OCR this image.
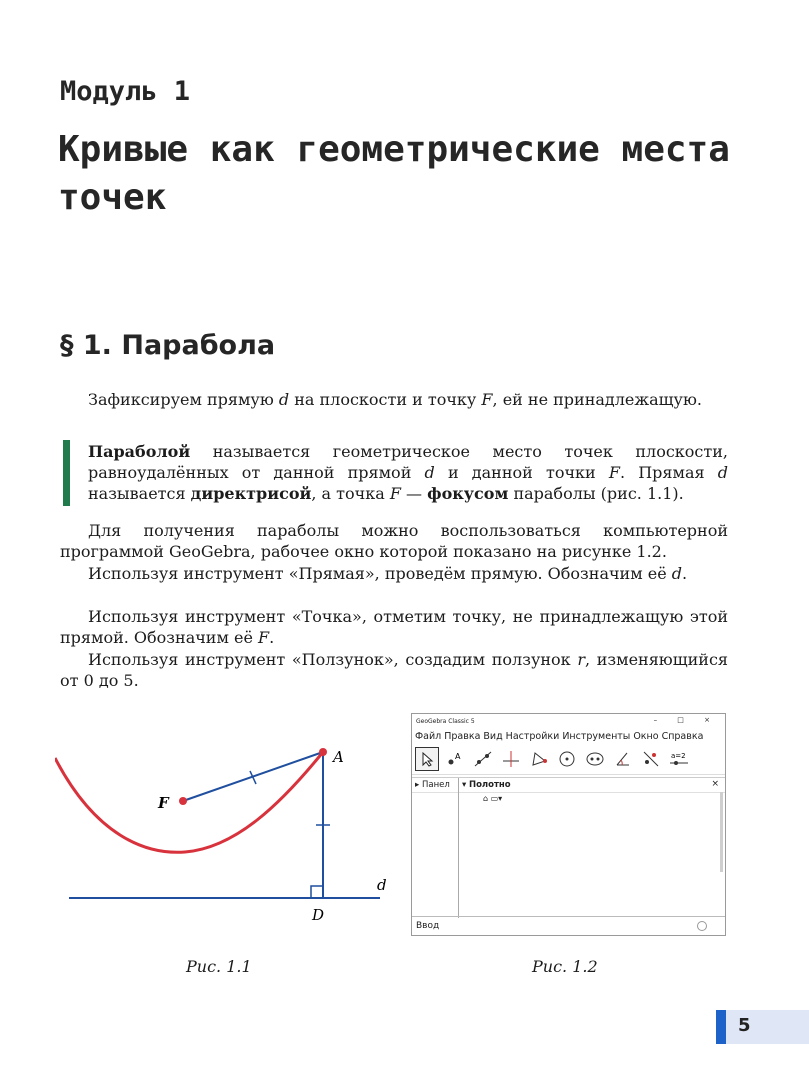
Модуль 1
Кривые как геометрические места точек
§ 1. Парабола

Зафиксируем прямую d на плоскости и точку F, ей не принадлежащую.

Параболой называется геометрическое место точек плоскости, равноудалённых от данной прямой d и данной точки F. Прямая d называется директрисой, а точка F — фокусом параболы (рис. 1.1).

Для получения параболы можно воспользоваться компьютерной программой GeoGebra, рабочее окно которой показано на рисунке 1.2.

Используя инструмент «Прямая», проведём прямую. Обозначим её d.

Используя инструмент «Точка», отметим точку, не принадлежащую этой прямой. Обозначим её F.

Используя инструмент «Ползунок», создадим ползунок r, изменяющийся от 0 до 5.

F
A
D
d
Рис. 1.1
GeoGebra Classic 5	– □ ×
Файл Правка Вид Настройки Инструменты Окно Справка
A	a=2
▸ Панел ▾ Полотно	×
⌂ ▭▾
Ввод
Рис. 1.2
5
